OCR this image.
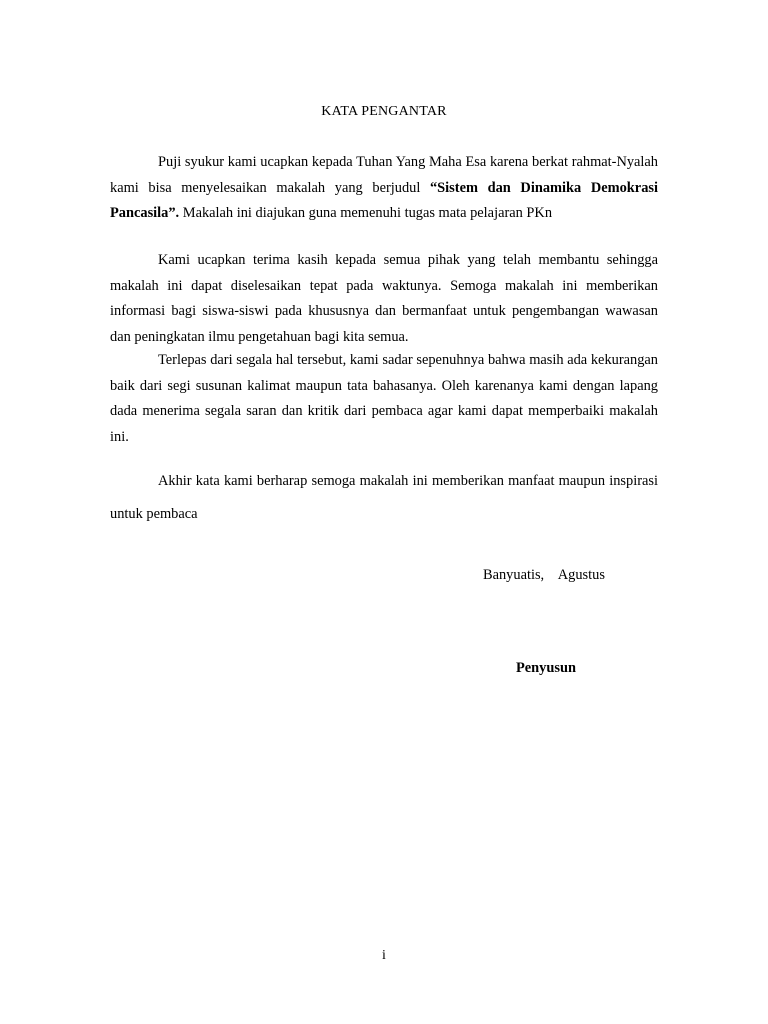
KATA PENGANTAR

Puji syukur kami ucapkan kepada Tuhan Yang Maha Esa karena berkat rahmat-Nyalah kami bisa menyelesaikan makalah yang berjudul “Sistem dan Dinamika Demokrasi Pancasila”. Makalah ini diajukan guna memenuhi tugas mata pelajaran PKn

Kami ucapkan terima kasih kepada semua pihak yang telah membantu sehingga makalah ini dapat diselesaikan tepat pada waktunya. Semoga makalah ini memberikan informasi bagi siswa-siswi pada khususnya dan bermanfaat untuk pengembangan wawasan dan peningkatan ilmu pengetahuan bagi kita semua.

Terlepas dari segala hal tersebut, kami sadar sepenuhnya bahwa masih ada kekurangan baik dari segi susunan kalimat maupun tata bahasanya. Oleh karenanya kami dengan lapang dada menerima segala saran dan kritik dari pembaca agar kami dapat memperbaiki makalah ini.

Akhir kata kami berharap semoga makalah ini memberikan manfaat maupun inspirasi untuk pembaca

Banyuatis,    Agustus
Penyusun
i
